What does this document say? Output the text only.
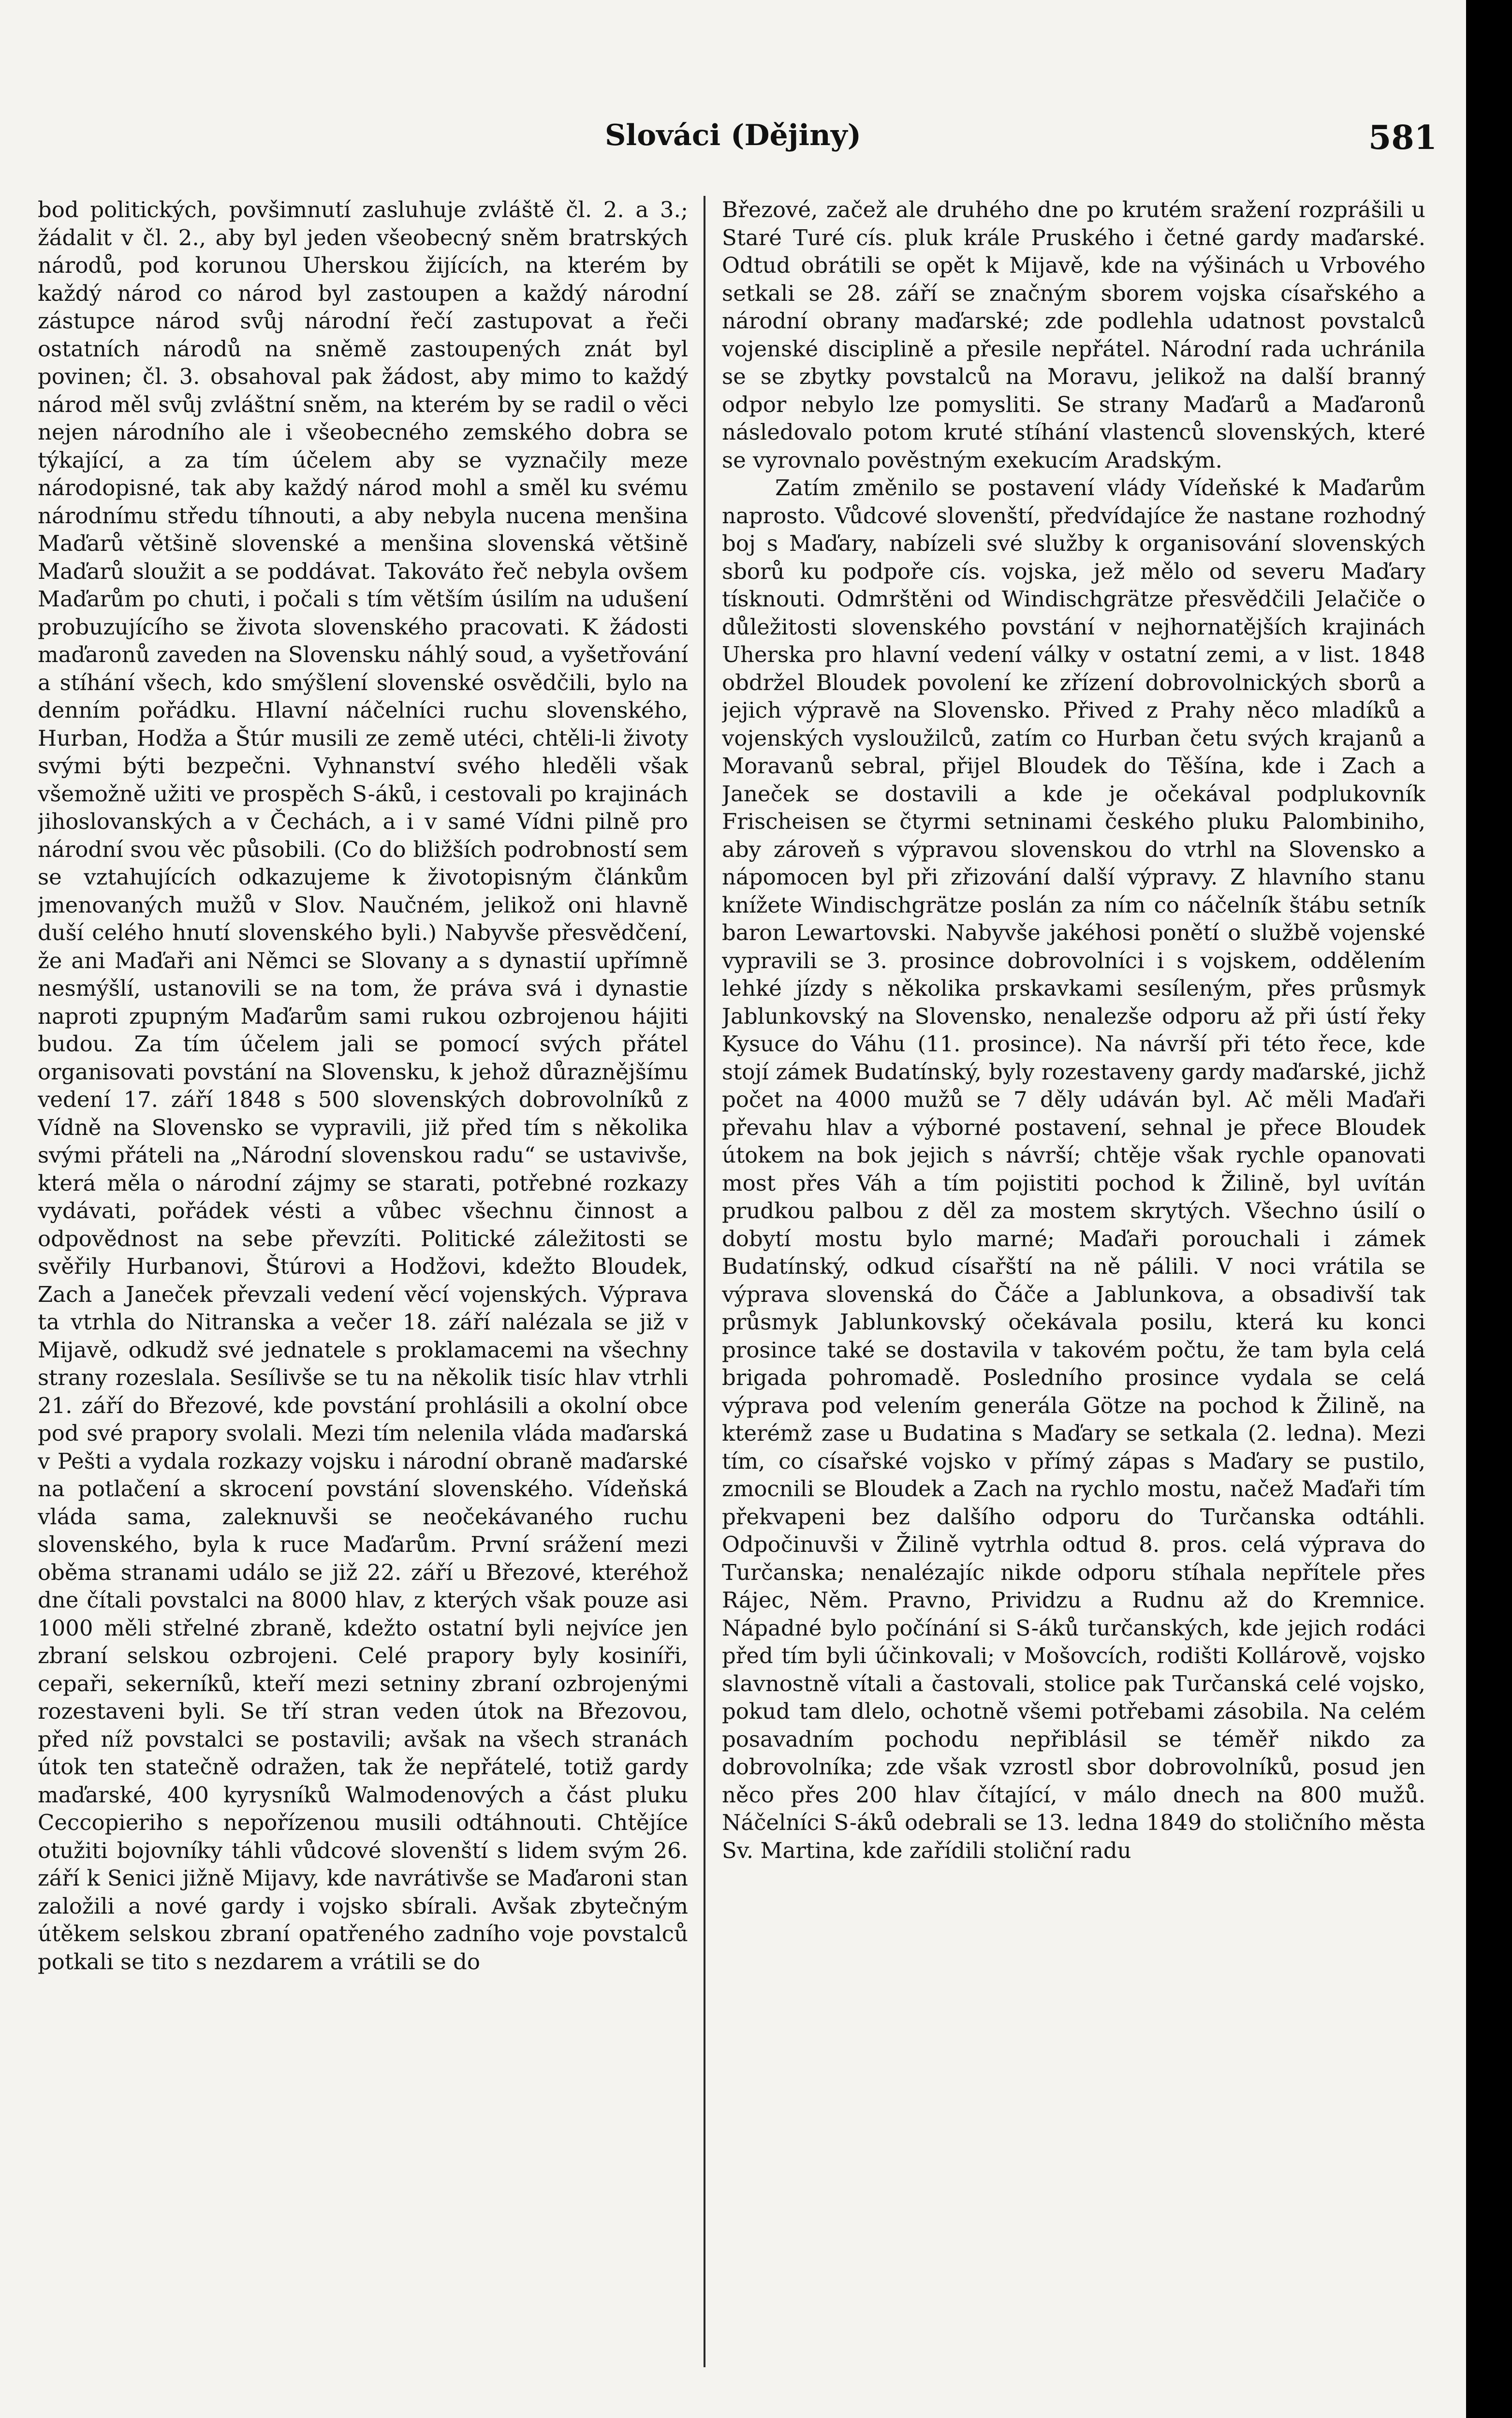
Slováci (Dějiny)	581

bod politických, povšimnutí zasluhuje zvláště čl. 2. a 3.; žádalit v čl. 2., aby byl jeden všeobecný sněm bratrských národů, pod korunou Uherskou žijících, na kterém by každý národ co národ byl zastoupen a každý národní zástupce národ svůj národní řečí zastupovat a řeči ostatních národů na sněmě zastoupených znát byl povinen; čl. 3. obsahoval pak žádost, aby mimo to každý národ měl svůj zvláštní sněm, na kterém by se radil o věci nejen národního ale i všeobecného zemského dobra se týkající, a za tím účelem aby se vyznačily meze národopisné, tak aby každý národ mohl a směl ku svému národnímu středu tíhnouti, a aby nebyla nucena menšina Maďarů většině slovenské a menšina slovenská většině Maďarů sloužit a se poddávat. Takováto řeč nebyla ovšem Maďarům po chuti, i počali s tím větším úsilím na udušení probuzujícího se života slovenského pracovati. K žádosti maďaronů zaveden na Slovensku náhlý soud, a vyšetřování a stíhání všech, kdo smýšlení slovenské osvědčili, bylo na denním pořádku. Hlavní náčelníci ruchu slovenského, Hurban, Hodža a Štúr musili ze země utéci, chtěli-li životy svými býti bezpečni. Vyhnanství svého hleděli však všemožně užiti ve prospěch S-áků, i cestovali po krajinách jihoslovanských a v Čechách, a i v samé Vídni pilně pro národní svou věc působili. (Co do bližších podrobností sem se vztahujících odkazujeme k životopisným článkům jmenovaných mužů v Slov. Naučném, jelikož oni hlavně duší celého hnutí slovenského byli.) Nabyvše přesvědčení, že ani Maďaři ani Němci se Slovany a s dynastií upřímně nesmýšlí, ustanovili se na tom, že práva svá i dynastie naproti zpupným Maďarům sami rukou ozbrojenou hájiti budou. Za tím účelem jali se pomocí svých přátel organisovati povstání na Slovensku, k jehož důraznějšímu vedení 17. září 1848 s 500 slovenských dobrovolníků z Vídně na Slovensko se vypravili, již před tím s několika svými přáteli na „Národní slovenskou radu“ se ustavivše, která měla o národní zájmy se starati, potřebné rozkazy vydávati, pořádek vésti a vůbec všechnu činnost a odpovědnost na sebe převzíti. Politické záležitosti se svěřily Hurbanovi, Štúrovi a Hodžovi, kdežto Bloudek, Zach a Janeček převzali vedení věcí vojenských. Výprava ta vtrhla do Nitranska a večer 18. září nalézala se již v Mijavě, odkudž své jednatele s proklamacemi na všechny strany rozeslala. Sesílivše se tu na několik tisíc hlav vtrhli 21. září do Březové, kde povstání prohlásili a okolní obce pod své prapory svolali. Mezi tím nelenila vláda maďarská v Pešti a vydala rozkazy vojsku i národní obraně maďarské na potlačení a skrocení povstání slovenského. Vídeňská vláda sama, zaleknuvši se neočekávaného ruchu slovenského, byla k ruce Maďarům. První srážení mezi oběma stranami událo se již 22. září u Březové, kteréhož dne čítali povstalci na 8000 hlav, z kterých však pouze asi 1000 měli střelné zbraně, kdežto ostatní byli nejvíce jen zbraní selskou ozbrojeni. Celé prapory byly kosiníři, cepaři, sekerníků, kteří mezi setniny zbraní ozbrojenými rozestaveni byli. Se tří stran veden útok na Březovou, před níž povstalci se postavili; avšak na všech stranách útok ten statečně odražen, tak že nepřátelé, totiž gardy maďarské, 400 kyrysníků Walmodenových a část pluku Ceccopieriho s nepořízenou musili odtáhnouti. Chtějíce otužiti bojovníky táhli vůdcové slovenští s lidem svým 26. září k Senici jižně Mijavy, kde navrátivše se Maďaroni stan založili a nové gardy i vojsko sbírali. Avšak zbytečným útěkem selskou zbraní opatřeného zadního voje povstalců potkali se tito s nezdarem a vrátili se do

Březové, začež ale druhého dne po krutém sražení rozprášili u Staré Turé cís. pluk krále Pruského i četné gardy maďarské. Odtud obrátili se opět k Mijavě, kde na výšinách u Vrbového setkali se 28. září se značným sborem vojska císařského a národní obrany maďarské; zde podlehla udatnost povstalců vojenské disciplině a přesile nepřátel. Národní rada uchránila se se zbytky povstalců na Moravu, jelikož na další branný odpor nebylo lze pomysliti. Se strany Maďarů a Maďaronů následovalo potom kruté stíhání vlastenců slovenských, které se vyrovnalo pověstným exekucím Aradským.

Zatím změnilo se postavení vlády Vídeňské k Maďarům naprosto. Vůdcové slovenští, předvídajíce že nastane rozhodný boj s Maďary, nabízeli své služby k organisování slovenských sborů ku podpoře cís. vojska, jež mělo od severu Maďary tísknouti. Odmrštěni od Windischgrätze přesvědčili Jelačiče o důležitosti slovenského povstání v nejhornatějších krajinách Uherska pro hlavní vedení války v ostatní zemi, a v list. 1848 obdržel Bloudek povolení ke zřízení dobrovolnických sborů a jejich výpravě na Slovensko. Přived z Prahy něco mladíků a vojenských vysloužilců, zatím co Hurban četu svých krajanů a Moravanů sebral, přijel Bloudek do Těšína, kde i Zach a Janeček se dostavili a kde je očekával podplukovník Frischeisen se čtyrmi setninami českého pluku Palombiniho, aby zároveň s výpravou slovenskou do vtrhl na Slovensko a nápomocen byl při zřizování další výpravy. Z hlavního stanu knížete Windischgrätze poslán za ním co náčelník štábu setník baron Lewartovski. Nabyvše jakéhosi ponětí o službě vojenské vypravili se 3. prosince dobrovolníci i s vojskem, oddělením lehké jízdy s několika prskavkami sesíleným, přes průsmyk Jablunkovský na Slovensko, nenalezše odporu až při ústí řeky Kysuce do Váhu (11. prosince). Na návrší při této řece, kde stojí zámek Budatínský, byly rozestaveny gardy maďarské, jichž počet na 4000 mužů se 7 děly udáván byl. Ač měli Maďaři převahu hlav a výborné postavení, sehnal je přece Bloudek útokem na bok jejich s návrší; chtěje však rychle opanovati most přes Váh a tím pojistiti pochod k Žilině, byl uvítán prudkou palbou z děl za mostem skrytých. Všechno úsilí o dobytí mostu bylo marné; Maďaři porouchali i zámek Budatínský, odkud císařští na ně pálili. V noci vrátila se výprava slovenská do Čáče a Jablunkova, a obsadivší tak průsmyk Jablunkovský očekávala posilu, která ku konci prosince také se dostavila v takovém počtu, že tam byla celá brigada pohromadě. Posledního prosince vydala se celá výprava pod velením generála Götze na pochod k Žilině, na kterémž zase u Budatina s Maďary se setkala (2. ledna). Mezi tím, co císařské vojsko v přímý zápas s Maďary se pustilo, zmocnili se Bloudek a Zach na rychlo mostu, načež Maďaři tím překvapeni bez dalšího odporu do Turčanska odtáhli. Odpočinuvši v Žilině vytrhla odtud 8. pros. celá výprava do Turčanska; nenalézajíc nikde odporu stíhala nepřítele přes Rájec, Něm. Pravno, Prividzu a Rudnu až do Kremnice. Nápadné bylo počínání si S-áků turčanských, kde jejich rodáci před tím byli účinkovali; v Mošovcích, rodišti Kollárově, vojsko slavnostně vítali a častovali, stolice pak Turčanská celé vojsko, pokud tam dlelo, ochotně všemi potřebami zásobila. Na celém posavadním pochodu nepřiblásil se téměř nikdo za dobrovolníka; zde však vzrostl sbor dobrovolníků, posud jen něco přes 200 hlav čítající, v málo dnech na 800 mužů. Náčelníci S-áků odebrali se 13. ledna 1849 do stoličního města Sv. Martina, kde zařídili stoliční radu
